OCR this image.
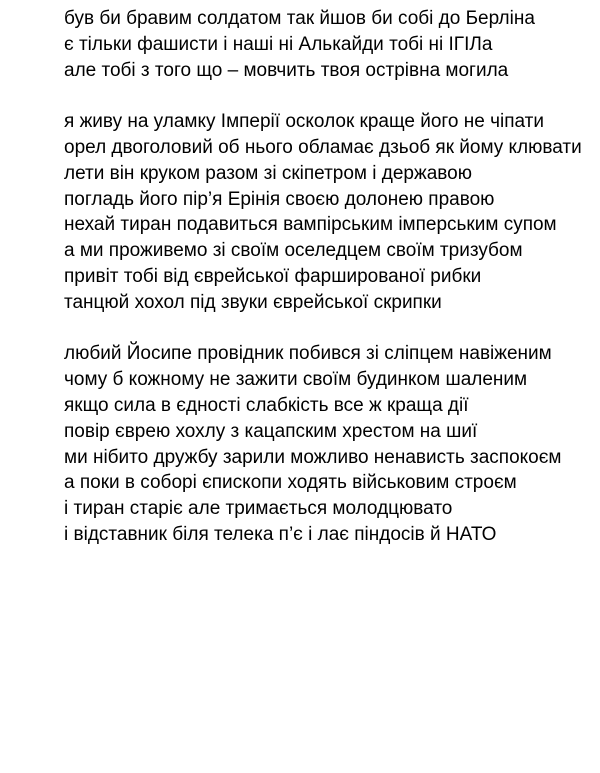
був би бравим солдатом так йшов би собі до Берліна
є тільки фашисти і наші ні Алькайди тобі ні ІГІЛа
але тобі з того що – мовчить твоя острівна могила
я живу на уламку Імперії осколок краще його не чіпати
орел двоголовий об нього обламає дзьоб як йому клювати
лети він круком разом зі скіпетром і державою
погладь його пір’я Ерінія своєю долонею правою
нехай тиран подавиться вампірським імперським супом
а ми проживемо зі своїм оселедцем своїм тризубом
привіт тобі від єврейської фаршированої рибки
танцюй хохол під звуки єврейської скрипки
любий Йосипе провідник побився зі сліпцем навіженим
чому б кожному не зажити своїм будинком шаленим
якщо сила в єдності слабкість все ж краща дії
повір єврею хохлу з кацапским хрестом на шиї
ми нібито дружбу зарили можливо ненависть заспокоєм
а поки в соборі єпископи ходять військовим строєм
і тиран старіє але тримається молодцювато
і відставник біля телека п’є і лає піндосів й НАТО
